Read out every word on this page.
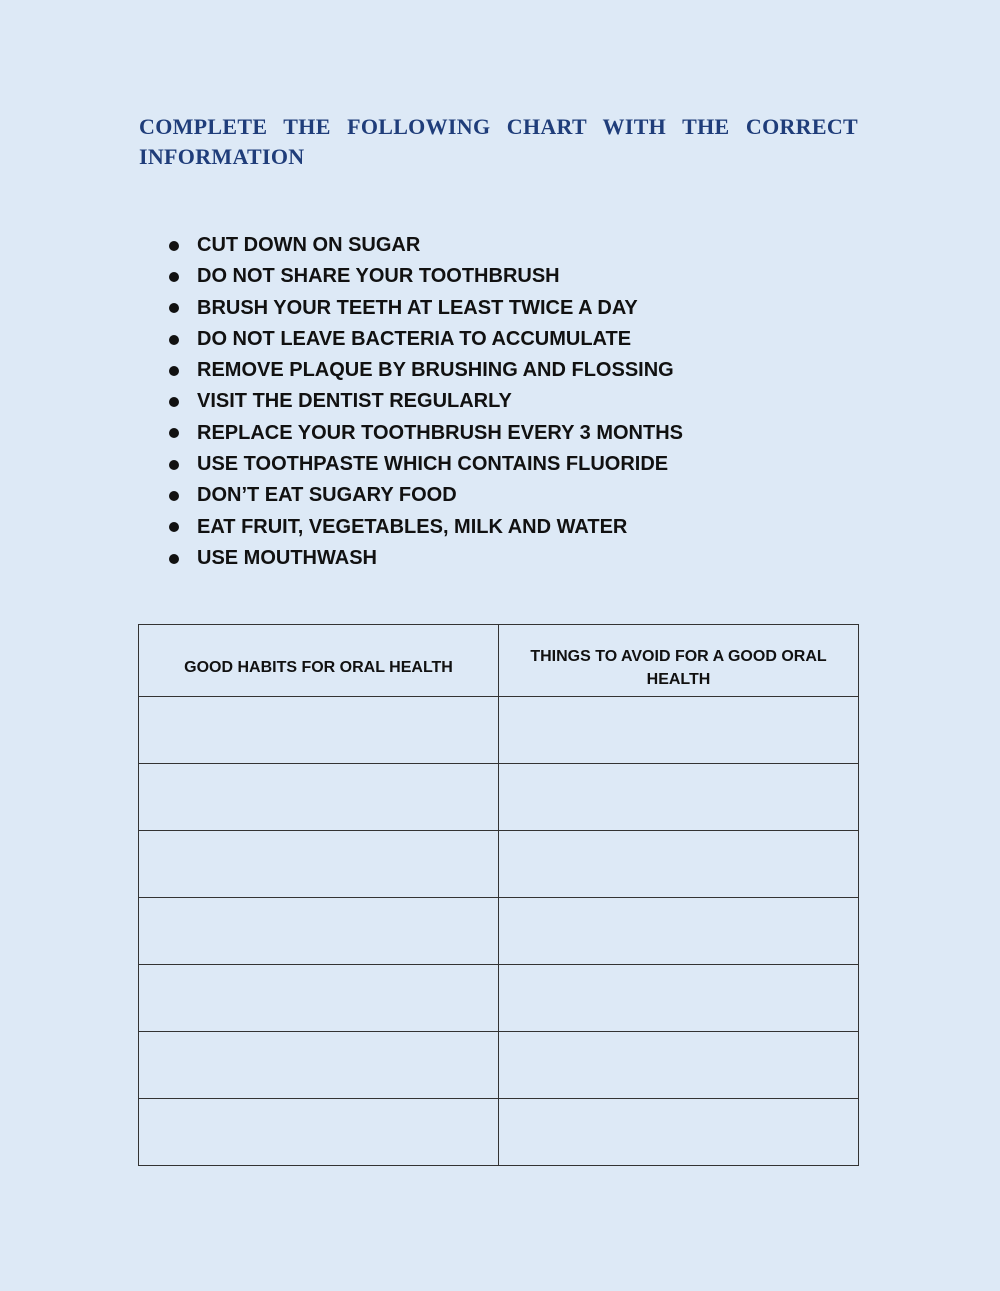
COMPLETE THE FOLLOWING CHART WITH THE CORRECT INFORMATION
CUT DOWN ON SUGAR
DO NOT SHARE YOUR TOOTHBRUSH
BRUSH YOUR TEETH AT LEAST TWICE A DAY
DO NOT LEAVE BACTERIA TO ACCUMULATE
REMOVE PLAQUE BY BRUSHING AND FLOSSING
VISIT THE DENTIST REGULARLY
REPLACE YOUR TOOTHBRUSH EVERY 3 MONTHS
USE TOOTHPASTE WHICH CONTAINS FLUORIDE
DON’T EAT SUGARY FOOD
EAT FRUIT, VEGETABLES, MILK AND WATER
USE MOUTHWASH
GOOD HABITS FOR ORAL HEALTH	THINGS TO AVOID FOR A GOOD ORAL HEALTH
